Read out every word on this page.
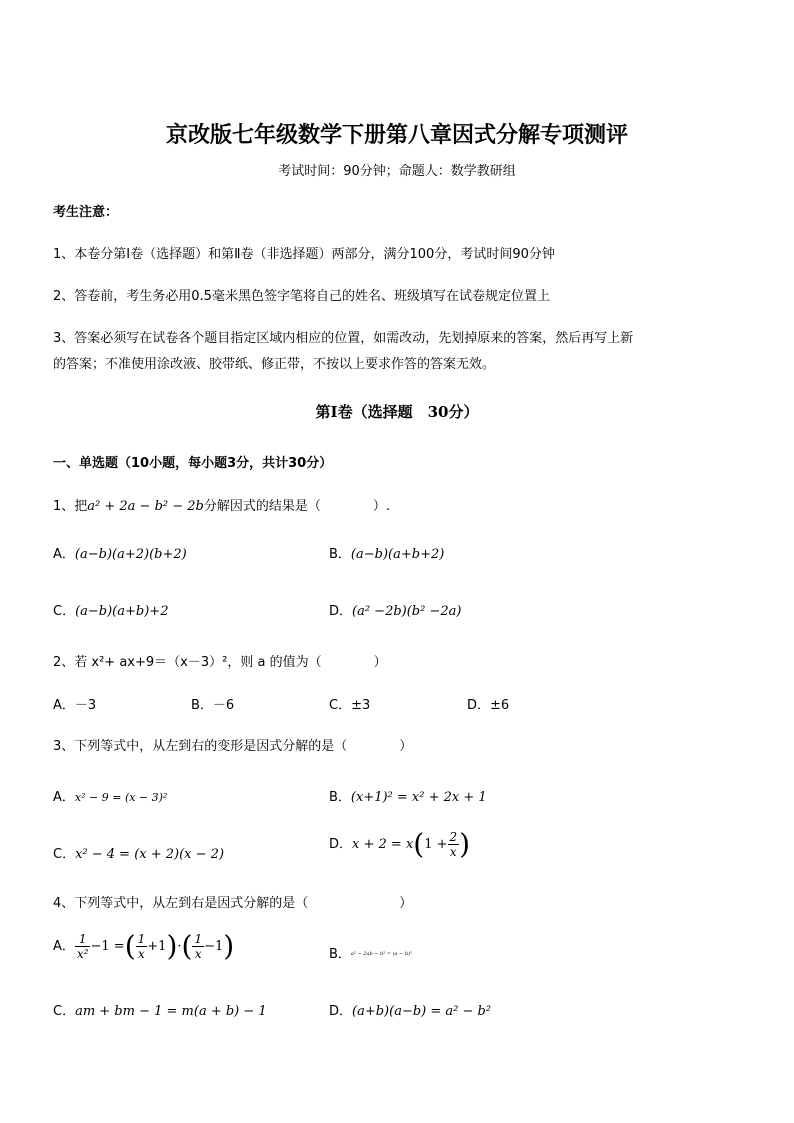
京改版七年级数学下册第八章因式分解专项测评
考试时间：90分钟；命题人：数学教研组
考生注意：
1、本卷分第Ⅰ卷（选择题）和第Ⅱ卷（非选择题）两部分，满分100分，考试时间90分钟
2、答卷前，考生务必用0.5毫米黑色签字笔将自己的姓名、班级填写在试卷规定位置上
3、答案必须写在试卷各个题目指定区域内相应的位置，如需改动，先划掉原来的答案，然后再写上新
的答案；不准使用涂改液、胶带纸、修正带，不按以上要求作答的答案无效。
第Ⅰ卷（选择题　30分）
一、单选题（10小题，每小题3分，共计30分）
1、把a² + 2a − b² − 2b分解因式的结果是（　　　　）.
A．(a−b)(a+2)(b+2)	B．(a−b)(a+b+2)
C．(a−b)(a+b)+2	D．(a² −2b)(b² −2a)
2、若 x²+ ax+9＝（x－3）²，则 a 的值为（　　　　）
A．－3	B．－6	C．±3	D．±6
3、下列等式中，从左到右的变形是因式分解的是（　　　　）
A．x² − 9 = (x − 3)²	B．(x+1)² = x² + 2x + 1
C．x² − 4 = (x + 2)(x − 2)
D．$x + 2 = x(1 + \frac{2}{x}$ )
4、下列等式中，从左到右是因式分解的是（　　　　　　　）
A． $\frac{1}{\text{x²}} -1$ =( $\frac{1}{x} +1)\cdot( \frac{1}{x} -1)$	B．$^{a^2 - 2ab - b^2 = (a - b)^2}$
C．am + bm − 1 = m(a + b) − 1	D．(a+b)(a−b) = a² − b²
